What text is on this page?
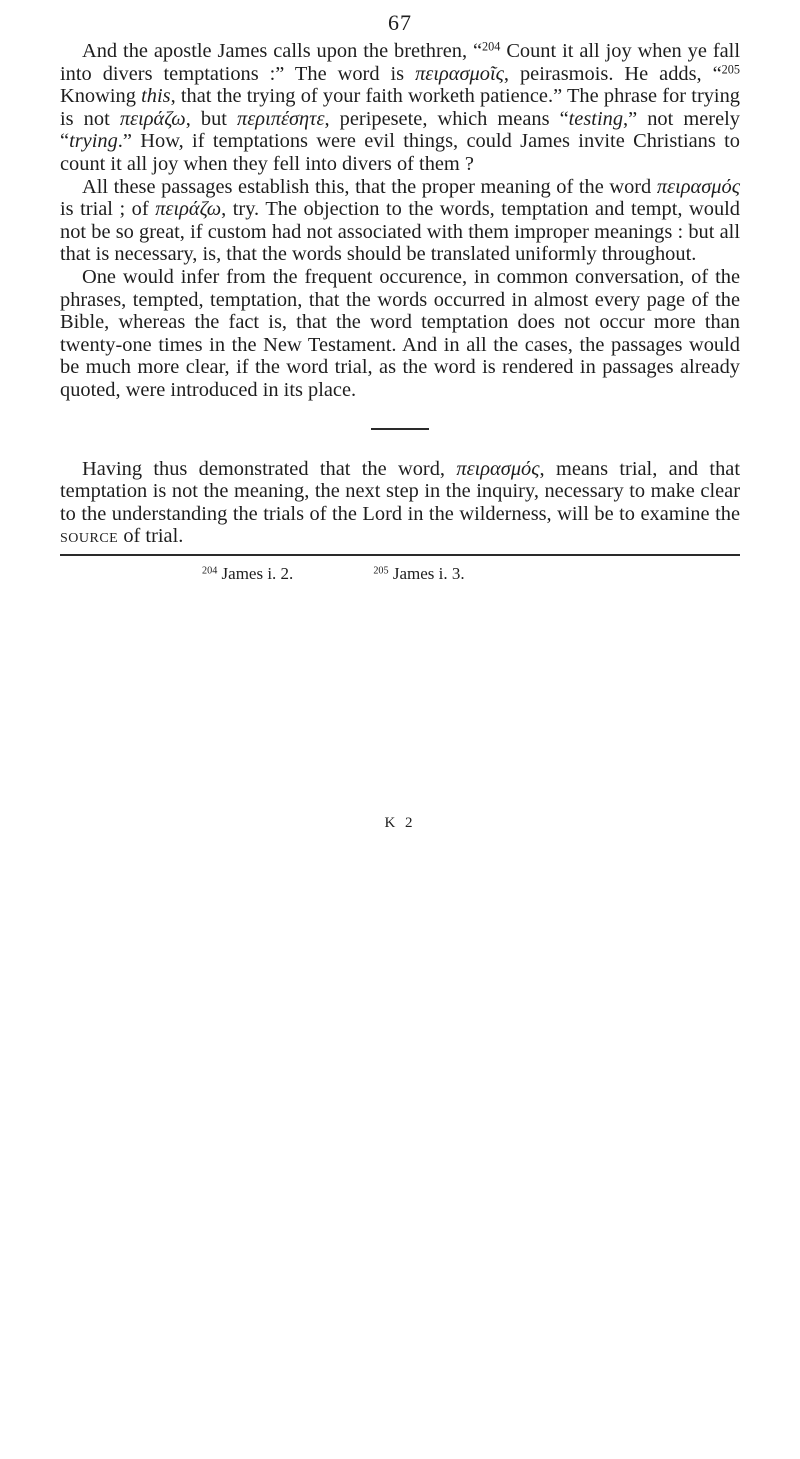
67

And the apostle James calls upon the brethren, “$^{204}$ Count it all joy when ye fall into divers temptations :” The word is πειρασμοῖς, peirasmois. He adds, “$^{205}$ Knowing this, that the trying of your faith worketh patience.” The phrase for trying is not πειράζω, but περιπέσητε, peripesete, which means “testing,” not merely “trying.” How, if temptations were evil things, could James invite Christians to count it all joy when they fell into divers of them ?

All these passages establish this, that the proper meaning of the word πειρασμός is trial ; of πειράζω, try. The objection to the words, temptation and tempt, would not be so great, if custom had not associated with them improper meanings : but all that is necessary, is, that the words should be translated uniformly throughout.

One would infer from the frequent occurence, in common conversation, of the phrases, tempted, temptation, that the words occurred in almost every page of the Bible, whereas the fact is, that the word temptation does not occur more than twenty-one times in the New Testament. And in all the cases, the passages would be much more clear, if the word trial, as the word is rendered in passages already quoted, were introduced in its place.

Having thus demonstrated that the word, πειρασμός, means trial, and that temptation is not the meaning, the next step in the inquiry, necessary to make clear to the understanding the trials of the Lord in the wilderness, will be to examine the source of trial.

$^{204}$ James i. 2.	$^{205}$ James i. 3.
K 2
